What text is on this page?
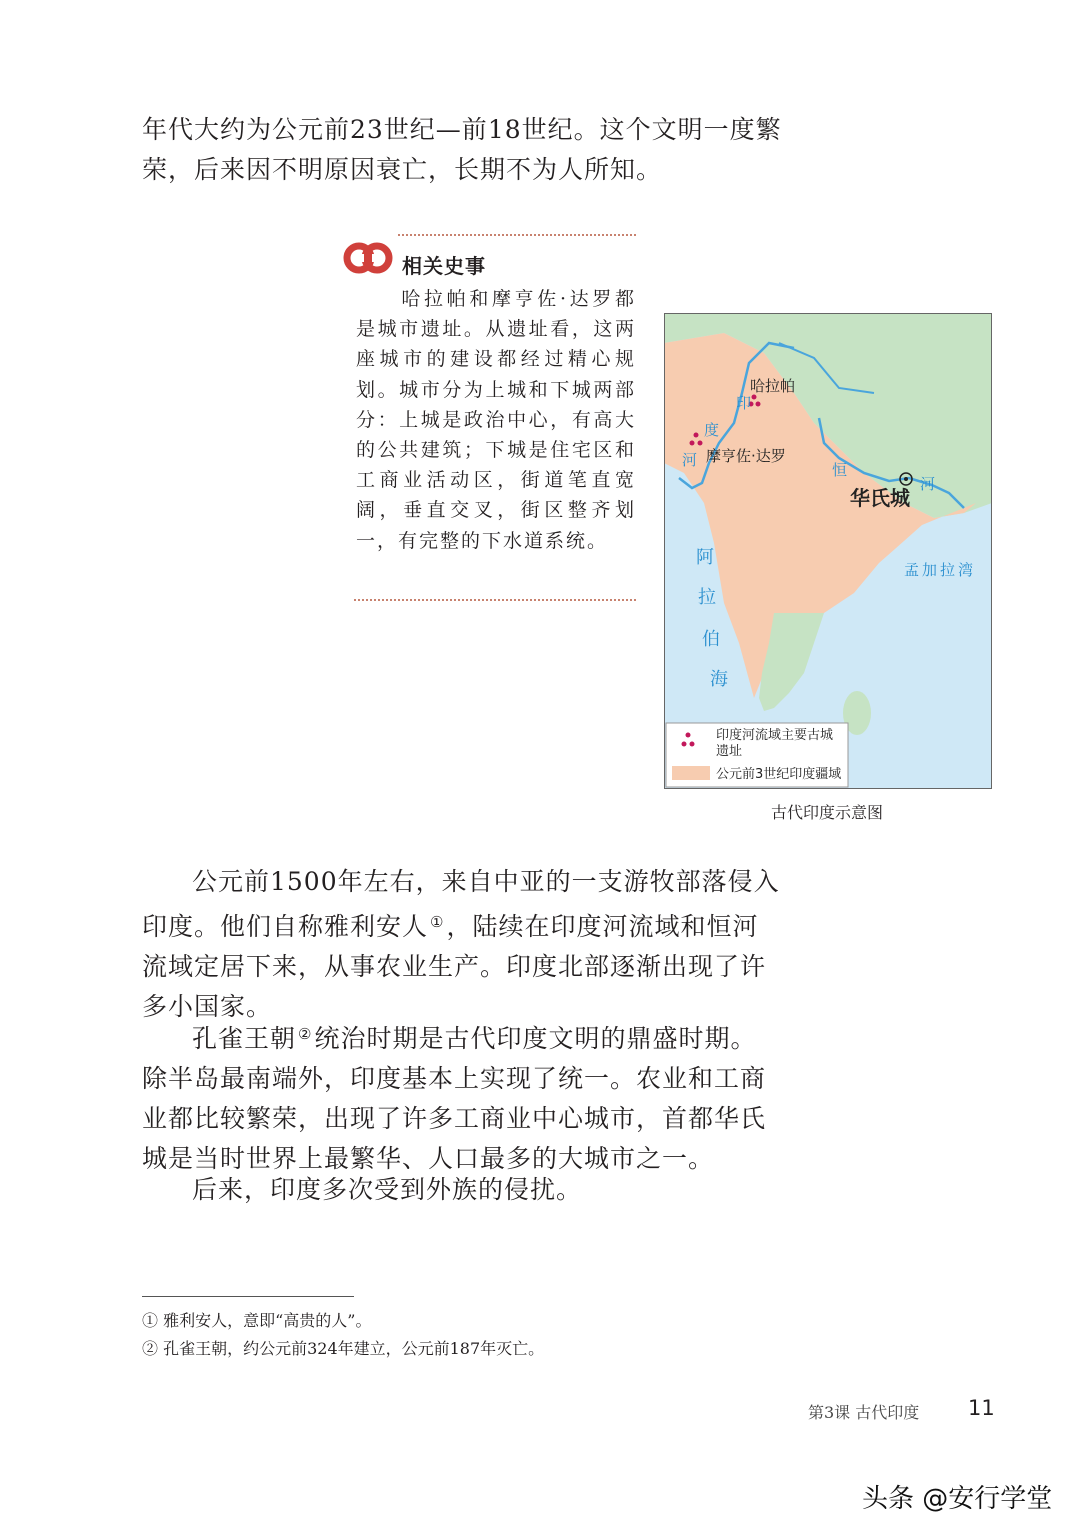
年代大约为公元前23世纪—前18世纪。这个文明一度繁

荣，后来因不明原因衰亡，长期不为人所知。

相关史事

　　哈拉帕和摩亨佐·达罗都是城市遗址。从遗址看，这两座城市的建设都经过精心规划。城市分为上城和下城两部分：上城是政治中心，有高大的公共建筑；下城是住宅区和工商业活动区，街道笔直宽阔，垂直交叉，街区整齐划一，有完整的下水道系统。

哈拉帕
摩亨佐·达罗
华氏城
印
度
河
恒
河
阿
拉
伯
海
孟加拉湾
印度河流域主要古城
遗址
公元前3世纪印度疆域
古代印度示意图

公元前1500年左右，来自中亚的一支游牧部落侵入印度。他们自称雅利安人 ①，陆续在印度河流域和恒河流域定居下来，从事农业生产。印度北部逐渐出现了许多小国家。

孔雀王朝 ②统治时期是古代印度文明的鼎盛时期。除半岛最南端外，印度基本上实现了统一。农业和工商业都比较繁荣，出现了许多工商业中心城市，首都华氏城是当时世界上最繁华、人口最多的大城市之一。

后来，印度多次受到外族的侵扰。

① 雅利安人，意即“高贵的人”。

② 孔雀王朝，约公元前324年建立，公元前187年灭亡。

第3课 古代印度 11
头条 @安行学堂
